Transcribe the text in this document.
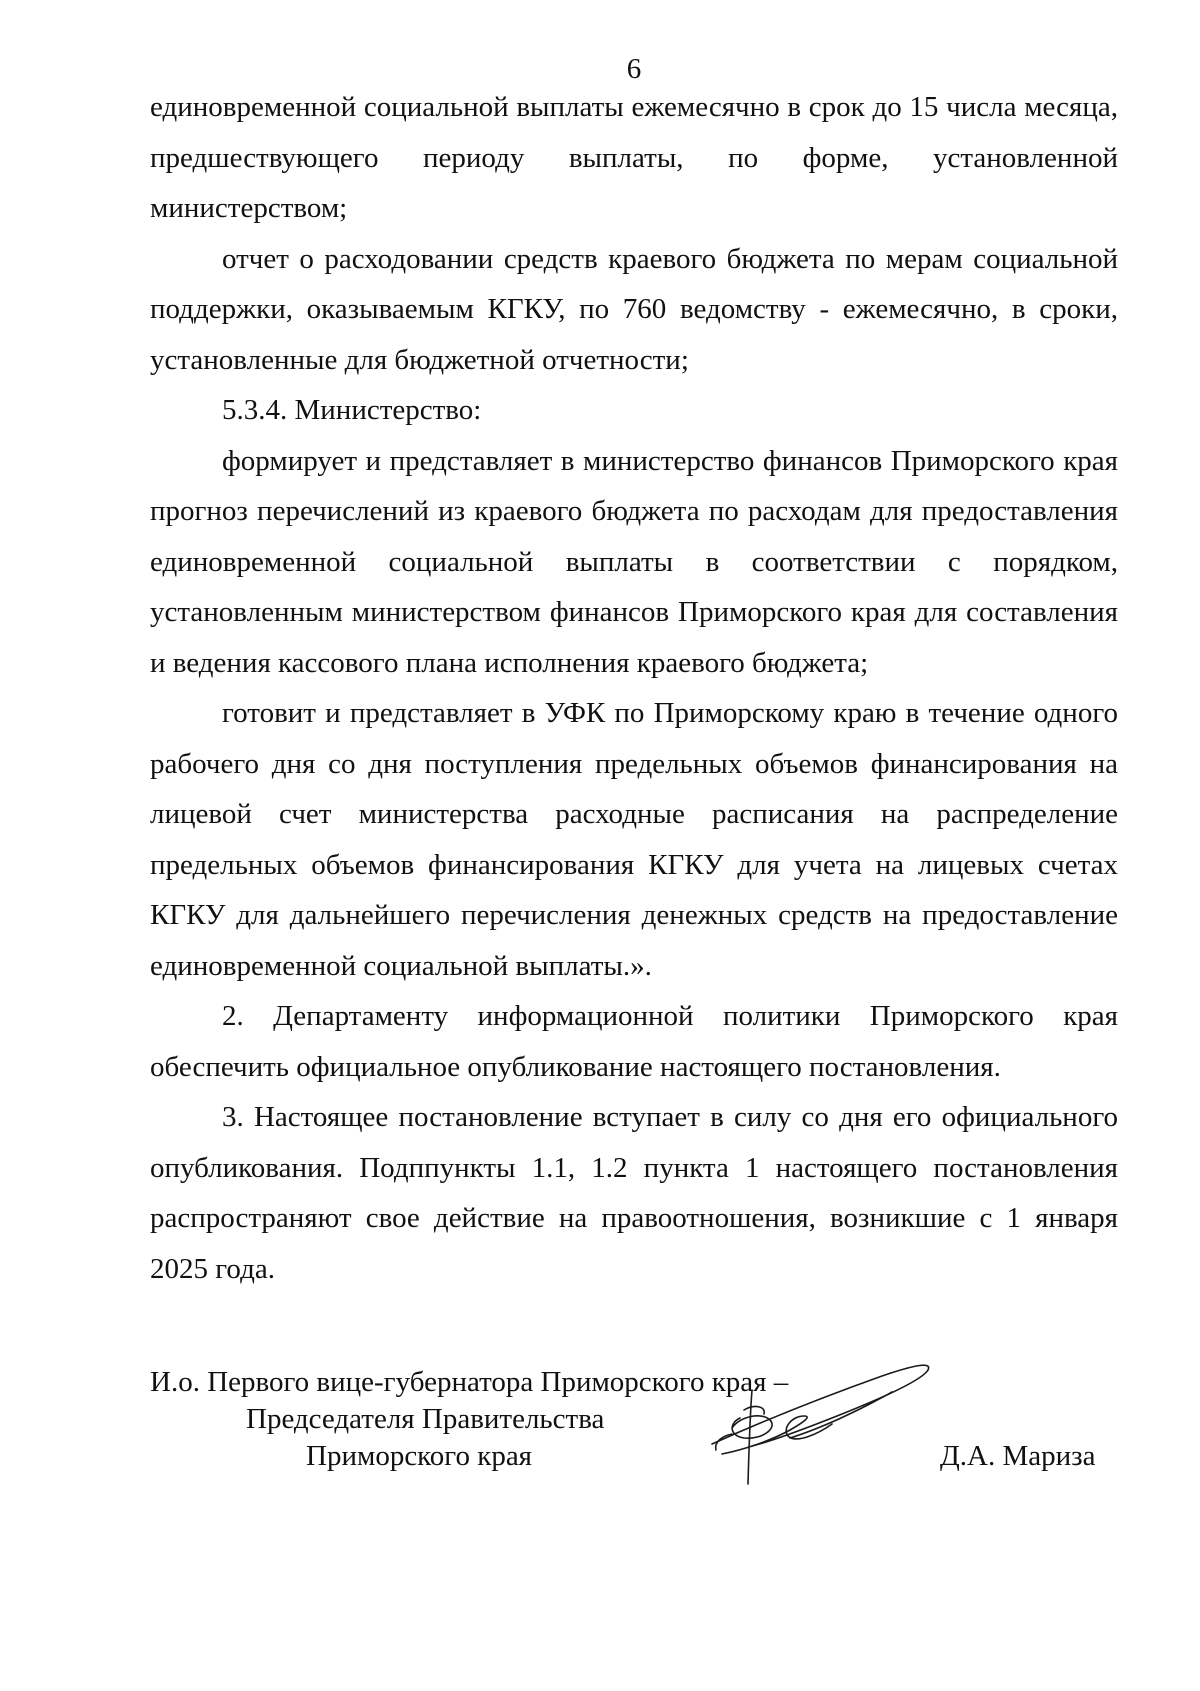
6

единовременной социальной выплаты ежемесячно в срок до 15 числа месяца, предшествующего периоду выплаты, по форме, установленной министерством;

отчет о расходовании средств краевого бюджета по мерам социальной поддержки, оказываемым КГКУ, по 760 ведомству - ежемесячно, в сроки, установленные для бюджетной отчетности;

5.3.4. Министерство:

формирует и представляет в министерство финансов Приморского края прогноз перечислений из краевого бюджета по расходам для предоставления единовременной социальной выплаты в соответствии с порядком, установленным министерством финансов Приморского края для составления и ведения кассового плана исполнения краевого бюджета;

готовит и представляет в УФК по Приморскому краю в течение одного рабочего дня со дня поступления предельных объемов финансирования на лицевой счет министерства расходные расписания на распределение предельных объемов финансирования КГКУ для учета на лицевых счетах КГКУ для дальнейшего перечисления денежных средств на предоставление единовременной социальной выплаты.».

2. Департаменту информационной политики Приморского края обеспечить официальное опубликование настоящего постановления.

3. Настоящее постановление вступает в силу со дня его официального опубликования. Подппункты 1.1, 1.2 пункта 1 настоящего постановления распространяют свое действие на правоотношения, возникшие с 1 января 2025 года.

И.о. Первого вице-губернатора Приморского края –
Председателя Правительства
Приморского края	Д.А. Мариза
